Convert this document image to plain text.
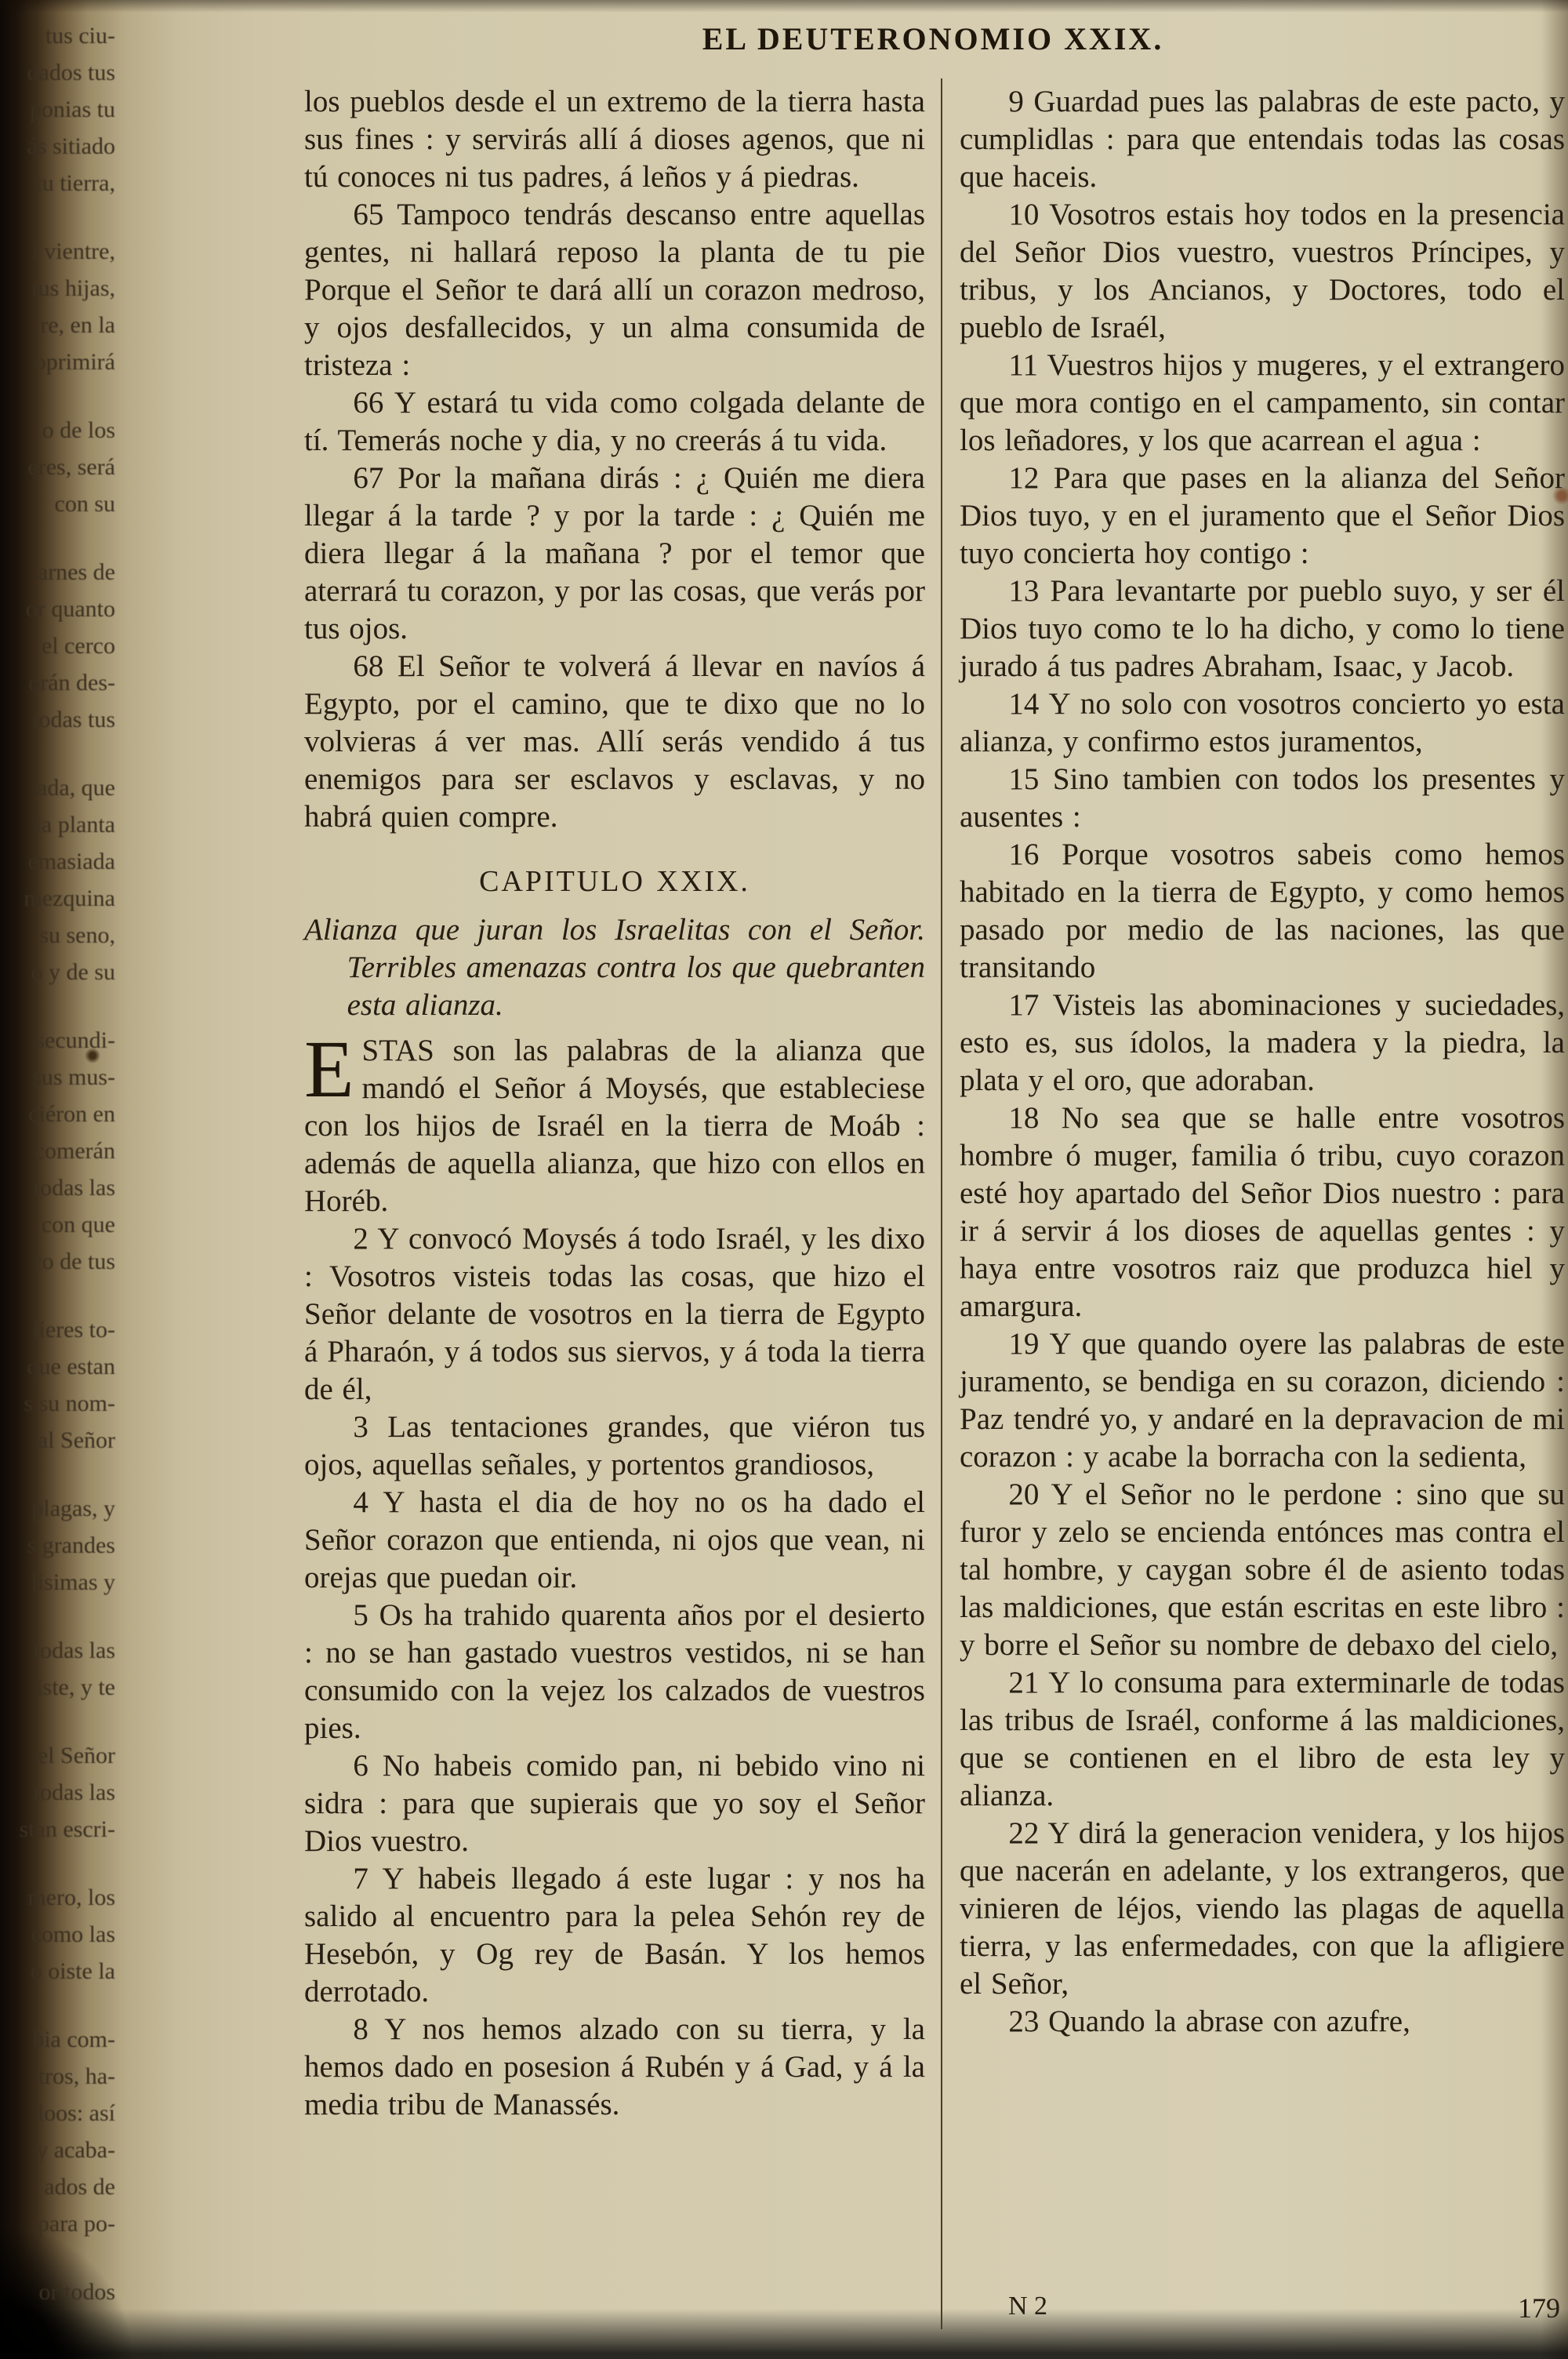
tus ciu-
dados tus
ponias tu
ás sitiado
tu tierra,
i vientre,
tus hijas,
re, en la
oprimirá
o de los
eres, será
con su
arnes de
or quanto
el cerco
orán des-
todas tus
ada, que
la planta
emasiada
mezquina
su seno,
o y de su
secundi-
sus mus-
ciéron en
comerán
todas las
con que
ro de tus
lieres to-
que estan
s su nom-
al Señor
plagas, y
s grandes
lisimas y
todas las
iste, y te
el Señor
todas las
stan escri-
mero, los
como las
o oiste la
bia com-
tros, ha-
loos: así
y acaba-
ados de
para po-
or todos
EL DEUTERONOMIO XXIX.

los pueblos desde el un extremo de la tierra hasta sus fines : y servirás allí á dioses agenos, que ni tú conoces ni tus padres, á leños y á piedras.

65 Tampoco tendrás descanso entre aquellas gentes, ni hallará reposo la planta de tu pie Porque el Señor te dará allí un corazon medroso, y ojos desfallecidos, y un alma consumida de tristeza :

66 Y estará tu vida como colgada delante de tí. Temerás noche y dia, y no creerás á tu vida.

67 Por la mañana dirás : ¿ Quién me diera llegar á la tarde ? y por la tarde : ¿ Quién me diera llegar á la mañana ? por el temor que aterrará tu corazon, y por las cosas, que verás por tus ojos.

68 El Señor te volverá á llevar en navíos á Egypto, por el camino, que te dixo que no lo volvieras á ver mas. Allí serás vendido á tus enemigos para ser esclavos y esclavas, y no habrá quien compre.

CAPITULO XXIX.

Alianza que juran los Israelitas con el Señor. Terribles amenazas contra los que quebranten esta alianza.

ESTAS son las palabras de la alianza que mandó el Señor á Moysés, que estableciese con los hijos de Israél en la tierra de Moáb : además de aquella alianza, que hizo con ellos en Horéb.

2 Y convocó Moysés á todo Israél, y les dixo : Vosotros visteis todas las cosas, que hizo el Señor delante de vosotros en la tierra de Egypto á Pharaón, y á todos sus siervos, y á toda la tierra de él,

3 Las tentaciones grandes, que viéron tus ojos, aquellas señales, y portentos grandiosos,

4 Y hasta el dia de hoy no os ha dado el Señor corazon que entienda, ni ojos que vean, ni orejas que puedan oir.

5 Os ha trahido quarenta años por el desierto : no se han gastado vuestros vestidos, ni se han consumido con la vejez los calzados de vuestros pies.

6 No habeis comido pan, ni bebido vino ni sidra : para que supierais que yo soy el Señor Dios vuestro.

7 Y habeis llegado á este lugar : y nos ha salido al encuentro para la pelea Sehón rey de Hesebón, y Og rey de Basán. Y los hemos derrotado.

8 Y nos hemos alzado con su tierra, y la hemos dado en posesion á Rubén y á Gad, y á la media tribu de Manassés.

9 Guardad pues las palabras de este pacto, y cumplidlas : para que entendais todas las cosas que haceis.

10 Vosotros estais hoy todos en la presencia del Señor Dios vuestro, vuestros Príncipes, y tribus, y los Ancianos, y Doctores, todo el pueblo de Israél,

11 Vuestros hijos y mugeres, y el extrangero que mora contigo en el campamento, sin contar los leñadores, y los que acarrean el agua :

12 Para que pases en la alianza del Señor Dios tuyo, y en el juramento que el Señor Dios tuyo concierta hoy contigo :

13 Para levantarte por pueblo suyo, y ser él Dios tuyo como te lo ha dicho, y como lo tiene jurado á tus padres Abraham, Isaac, y Jacob.

14 Y no solo con vosotros concierto yo esta alianza, y confirmo estos juramentos,

15 Sino tambien con todos los presentes y ausentes :

16 Porque vosotros sabeis como hemos habitado en la tierra de Egypto, y como hemos pasado por medio de las naciones, las que transitando

17 Visteis las abominaciones y suciedades, esto es, sus ídolos, la madera y la piedra, la plata y el oro, que adoraban.

18 No sea que se halle entre vosotros hombre ó muger, familia ó tribu, cuyo corazon esté hoy apartado del Señor Dios nuestro : para ir á servir á los dioses de aquellas gentes : y haya entre vosotros raiz que produzca hiel y amargura.

19 Y que quando oyere las palabras de este juramento, se bendiga en su corazon, diciendo : Paz tendré yo, y andaré en la depravacion de mi corazon : y acabe la borracha con la sedienta,

20 Y el Señor no le perdone : sino que su furor y zelo se encienda entónces mas contra el tal hombre, y caygan sobre él de asiento todas las maldiciones, que están escritas en este libro : y borre el Señor su nombre de debaxo del cielo,

21 Y lo consuma para exterminarle de todas las tribus de Israél, conforme á las maldiciones, que se contienen en el libro de esta ley y alianza.

22 Y dirá la generacion venidera, y los hijos que nacerán en adelante, y los extrangeros, que vinieren de léjos, viendo las plagas de aquella tierra, y las enfermedades, con que la afligiere el Señor,

23 Quando la abrase con azufre,

N 2	179
